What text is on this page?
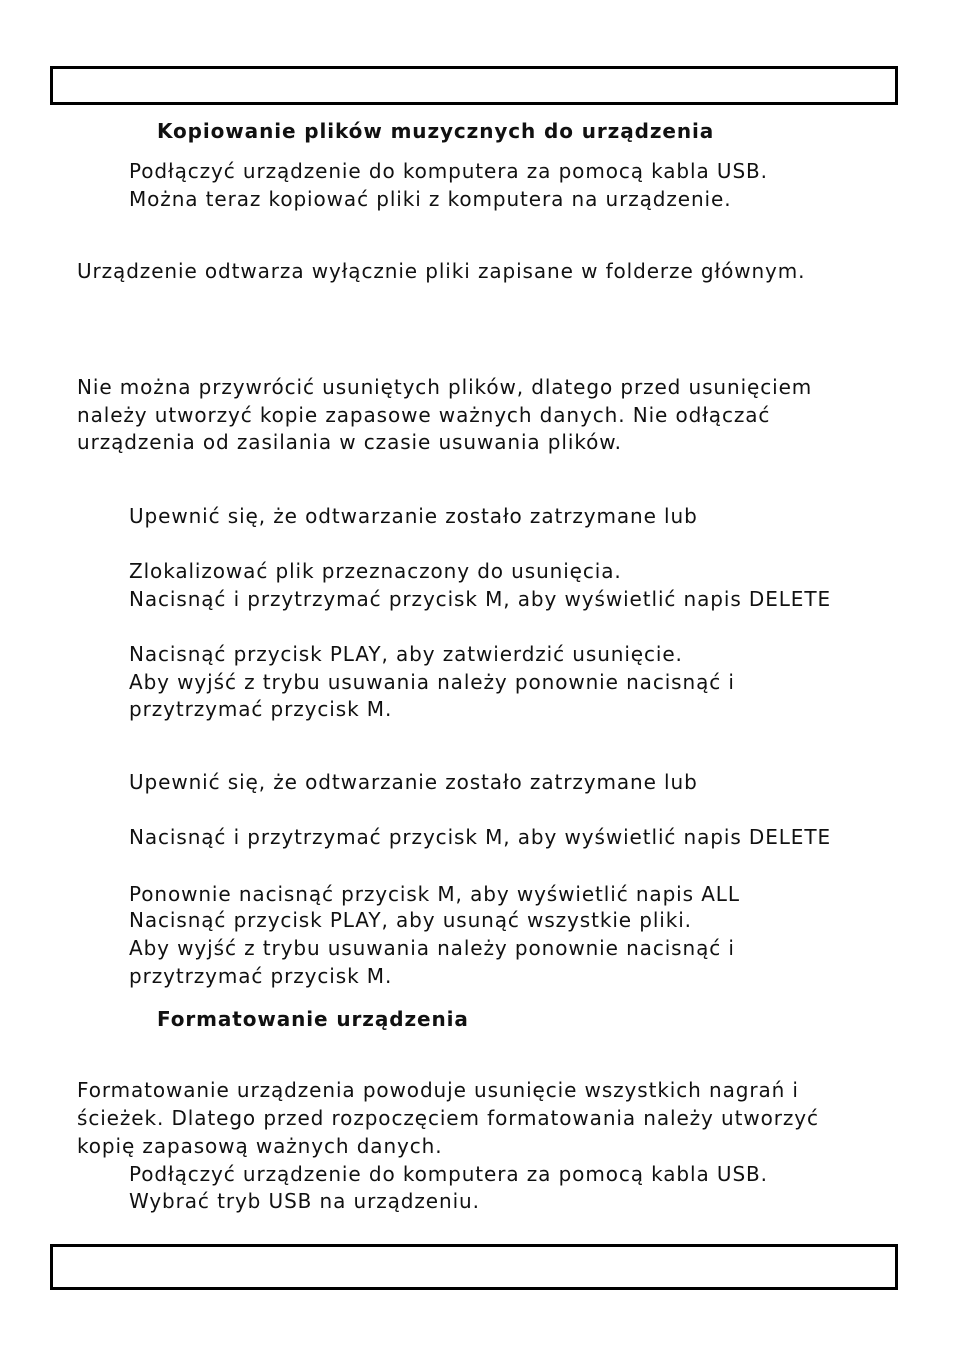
Kopiowanie plików muzycznych do urządzenia

Podłączyć urządzenie do komputera za pomocą kabla USB.

Można teraz kopiować pliki z komputera na urządzenie.

Urządzenie odtwarza wyłącznie pliki zapisane w folderze głównym.

Nie można przywrócić usuniętych plików, dlatego przed usunięciem

należy utworzyć kopie zapasowe ważnych danych. Nie odłączać

urządzenia od zasilania w czasie usuwania plików.

Upewnić się, że odtwarzanie zostało zatrzymane lub

Zlokalizować plik przeznaczony do usunięcia.

Nacisnąć i przytrzymać przycisk M, aby wyświetlić napis DELETE

Nacisnąć przycisk PLAY, aby zatwierdzić usunięcie.

Aby wyjść z trybu usuwania należy ponownie nacisnąć i

przytrzymać przycisk M.

Upewnić się, że odtwarzanie zostało zatrzymane lub

Nacisnąć i przytrzymać przycisk M, aby wyświetlić napis DELETE

Ponownie nacisnąć przycisk M, aby wyświetlić napis ALL

Nacisnąć przycisk PLAY, aby usunąć wszystkie pliki.

Aby wyjść z trybu usuwania należy ponownie nacisnąć i

przytrzymać przycisk M.

Formatowanie urządzenia

Formatowanie urządzenia powoduje usunięcie wszystkich nagrań i

ścieżek. Dlatego przed rozpoczęciem formatowania należy utworzyć

kopię zapasową ważnych danych.

Podłączyć urządzenie do komputera za pomocą kabla USB.

Wybrać tryb USB na urządzeniu.
